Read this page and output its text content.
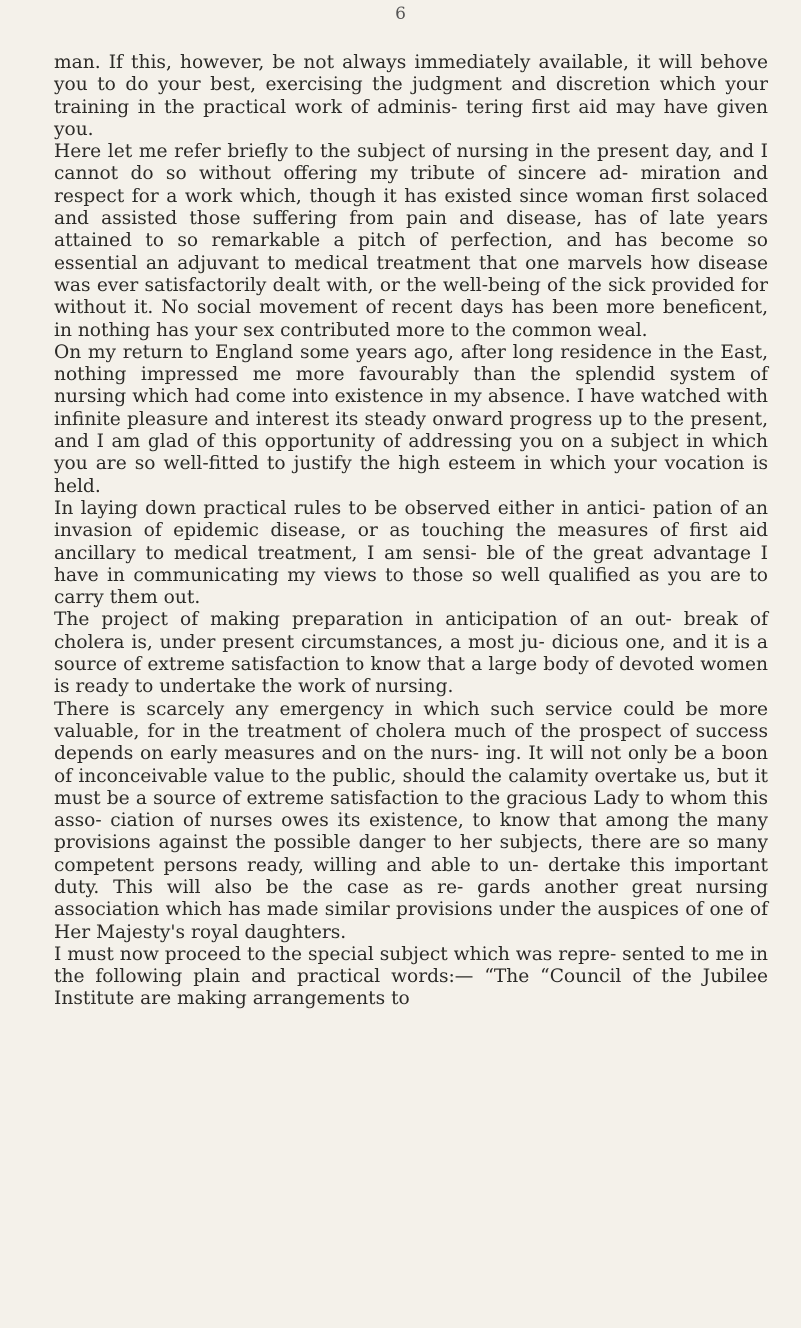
6

man. If this, however, be not always immediately available, it will behove you to do your best, exercising the judgment and discretion which your training in the practical work of adminis- tering first aid may have given you.

Here let me refer briefly to the subject of nursing in the present day, and I cannot do so without offering my tribute of sincere ad- miration and respect for a work which, though it has existed since woman first solaced and assisted those suffering from pain and disease, has of late years attained to so remarkable a pitch of perfection, and has become so essential an adjuvant to medical treatment that one marvels how disease was ever satisfactorily dealt with, or the well-being of the sick provided for without it. No social movement of recent days has been more beneficent, in nothing has your sex contributed more to the common weal.

On my return to England some years ago, after long residence in the East, nothing impressed me more favourably than the splendid system of nursing which had come into existence in my absence. I have watched with infinite pleasure and interest its steady onward progress up to the present, and I am glad of this opportunity of addressing you on a subject in which you are so well-fitted to justify the high esteem in which your vocation is held.

In laying down practical rules to be observed either in antici- pation of an invasion of epidemic disease, or as touching the measures of first aid ancillary to medical treatment, I am sensi- ble of the great advantage I have in communicating my views to those so well qualified as you are to carry them out.

The project of making preparation in anticipation of an out- break of cholera is, under present circumstances, a most ju- dicious one, and it is a source of extreme satisfaction to know that a large body of devoted women is ready to undertake the work of nursing.

There is scarcely any emergency in which such service could be more valuable, for in the treatment of cholera much of the prospect of success depends on early measures and on the nurs- ing. It will not only be a boon of inconceivable value to the public, should the calamity overtake us, but it must be a source of extreme satisfaction to the gracious Lady to whom this asso- ciation of nurses owes its existence, to know that among the many provisions against the possible danger to her subjects, there are so many competent persons ready, willing and able to un- dertake this important duty. This will also be the case as re- gards another great nursing association which has made similar provisions under the auspices of one of Her Majesty's royal daughters.

I must now proceed to the special subject which was repre- sented to me in the following plain and practical words:— “The “Council of the Jubilee Institute are making arrangements to
